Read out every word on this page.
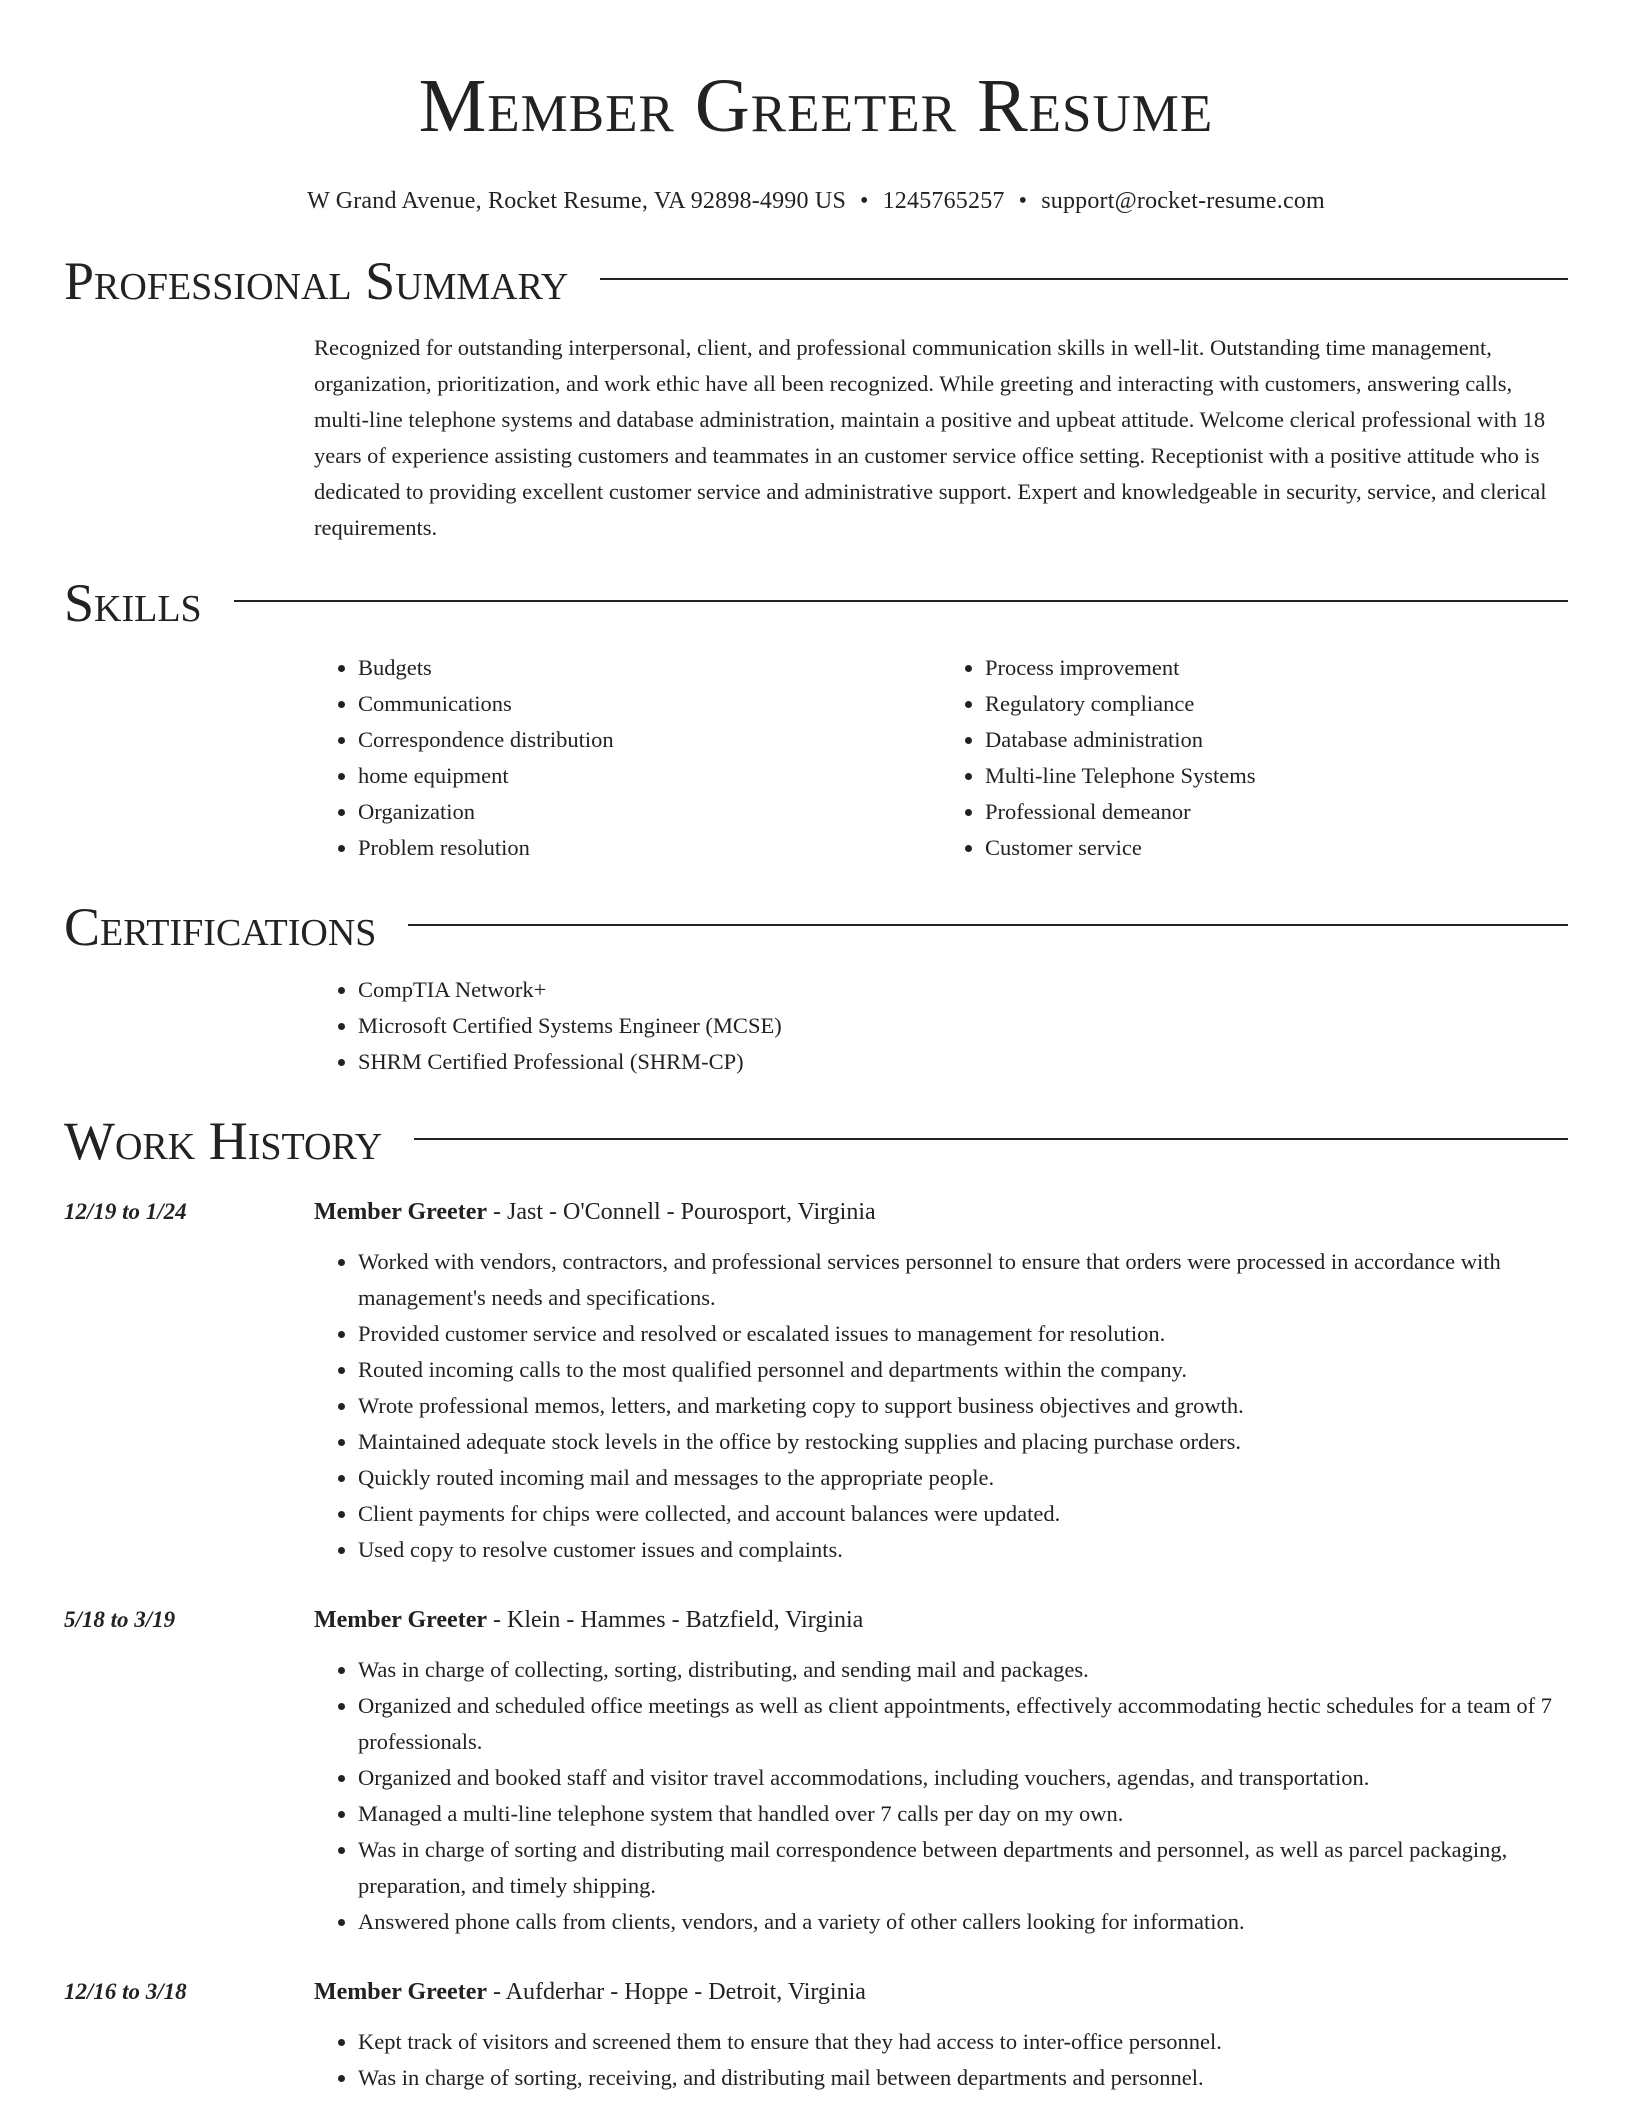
Member Greeter Resume
W Grand Avenue, Rocket Resume, VA 92898-4990 US • 1245765257 • support@rocket-resume.com
Professional Summary

Recognized for outstanding interpersonal, client, and professional communication skills in well-lit. Outstanding time management, organization, prioritization, and work ethic have all been recognized. While greeting and interacting with customers, answering calls, multi-line telephone systems and database administration, maintain a positive and upbeat attitude. Welcome clerical professional with 18 years of experience assisting customers and teammates in an customer service office setting. Receptionist with a positive attitude who is dedicated to providing excellent customer service and administrative support. Expert and knowledgeable in security, service, and clerical requirements.

Skills
• Budgets
• Communications
• Correspondence distribution
• home equipment
• Organization
• Problem resolution
• Process improvement
• Regulatory compliance
• Database administration
• Multi-line Telephone Systems
• Professional demeanor
• Customer service
Certifications
• CompTIA Network+
• Microsoft Certified Systems Engineer (MCSE)
• SHRM Certified Professional (SHRM-CP)
Work History
12/19 to 1/24	Member Greeter - Jast - O'Connell - Pourosport, Virginia
• Worked with vendors, contractors, and professional services personnel to ensure that orders were processed in accordance with management's needs and specifications.
• Provided customer service and resolved or escalated issues to management for resolution.
• Routed incoming calls to the most qualified personnel and departments within the company.
• Wrote professional memos, letters, and marketing copy to support business objectives and growth.
• Maintained adequate stock levels in the office by restocking supplies and placing purchase orders.
• Quickly routed incoming mail and messages to the appropriate people.
• Client payments for chips were collected, and account balances were updated.
• Used copy to resolve customer issues and complaints.
5/18 to 3/19	Member Greeter - Klein - Hammes - Batzfield, Virginia
• Was in charge of collecting, sorting, distributing, and sending mail and packages.
• Organized and scheduled office meetings as well as client appointments, effectively accommodating hectic schedules for a team of 7 professionals.
• Organized and booked staff and visitor travel accommodations, including vouchers, agendas, and transportation.
• Managed a multi-line telephone system that handled over 7 calls per day on my own.
• Was in charge of sorting and distributing mail correspondence between departments and personnel, as well as parcel packaging, preparation, and timely shipping.
• Answered phone calls from clients, vendors, and a variety of other callers looking for information.
12/16 to 3/18	Member Greeter - Aufderhar - Hoppe - Detroit, Virginia
• Kept track of visitors and screened them to ensure that they had access to inter-office personnel.
• Was in charge of sorting, receiving, and distributing mail between departments and personnel.
